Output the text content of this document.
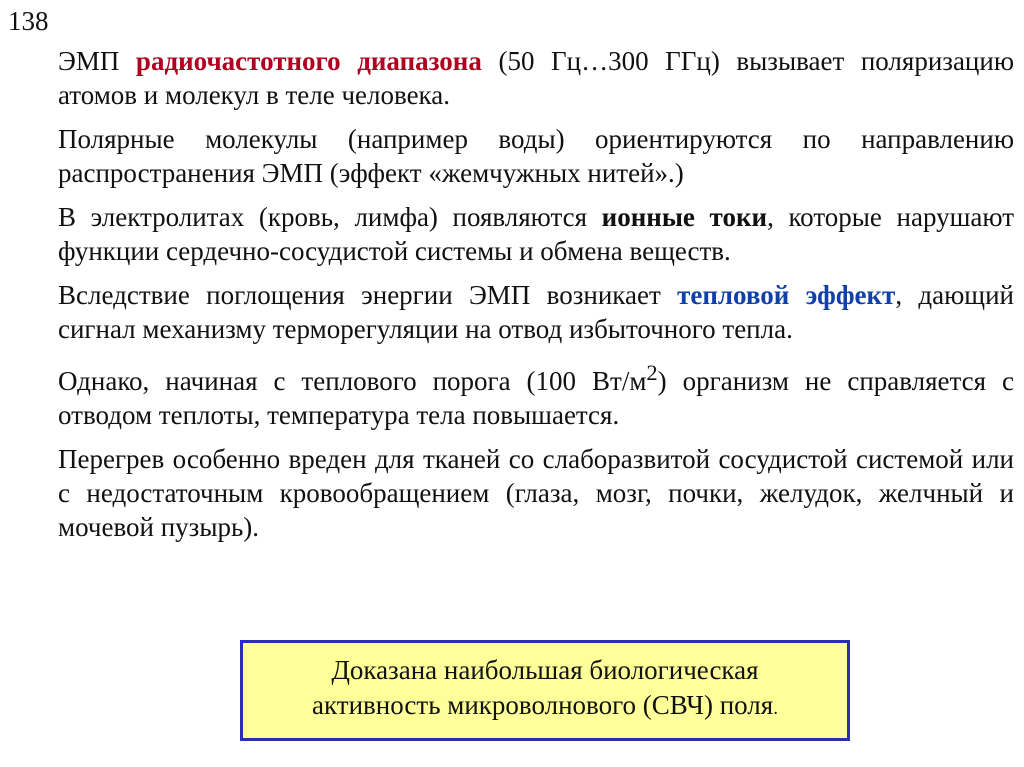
138

ЭМП радиочастотного диапазона (50 Гц…300 ГГц) вызывает поляризацию атомов и молекул в теле человека.

Полярные молекулы (например воды) ориентируются по направлению распространения ЭМП (эффект «жемчужных нитей».)

В электролитах (кровь, лимфа) появляются ионные токи, которые нарушают функции сердечно-сосудистой системы и обмена веществ.

Вследствие поглощения энергии ЭМП возникает тепловой эффект, дающий сигнал механизму терморегуляции на отвод избыточного тепла.

Однако, начиная с теплового порога (100 $Вт/м^2$) организм не справляется с отводом теплоты, температура тела повышается.

Перегрев особенно вреден для тканей со слаборазвитой сосудистой системой или с недостаточным кровообращением (глаза, мозг, почки, желудок, желчный и мочевой пузырь).

Доказана наибольшая биологическая
активность микроволнового (СВЧ) поля.
